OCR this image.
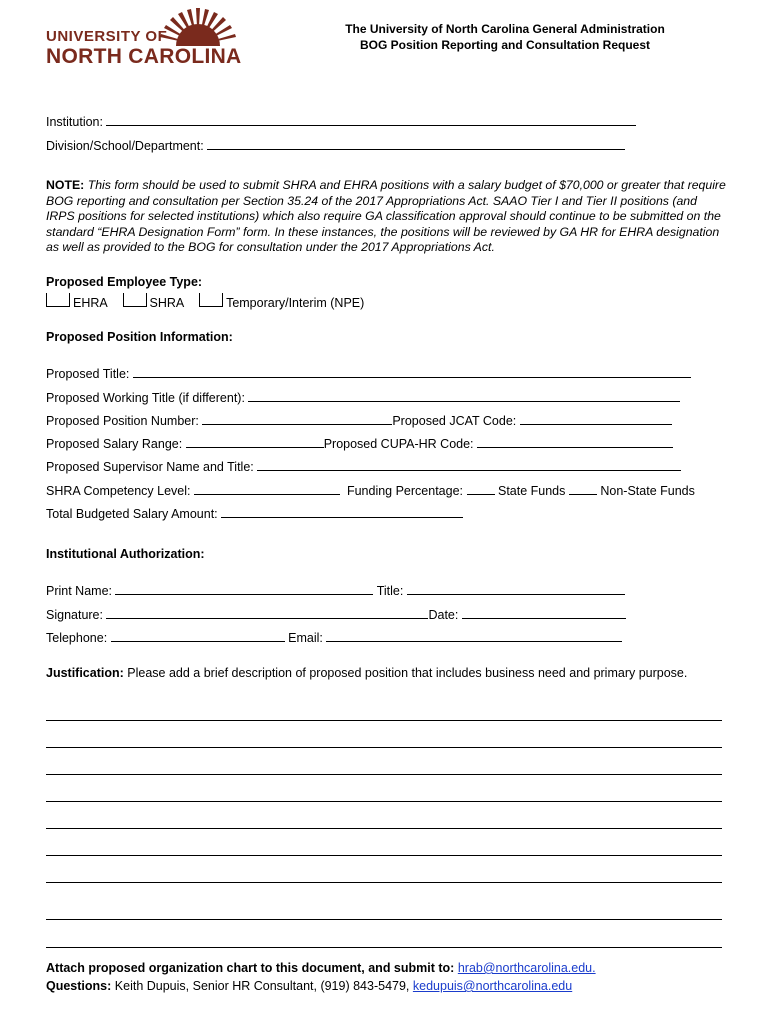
UNIVERSITY OF
NORTH CAROLINA
The University of North Carolina General Administration
BOG Position Reporting and Consultation Request
Institution:
Division/School/Department:
NOTE: This form should be used to submit SHRA and EHRA positions with a salary budget of $70,000 or greater that require BOG reporting and consultation per Section 35.24 of the 2017 Appropriations Act. SAAO Tier I and Tier II positions (and IRPS positions for selected institutions) which also require GA classification approval should continue to be submitted on the standard “EHRA Designation Form” form. In these instances, the positions will be reviewed by GA HR for EHRA designation as well as provided to the BOG for consultation under the 2017 Appropriations Act.
Proposed Employee Type:
EHRA	SHRA	Temporary/Interim (NPE)
Proposed Position Information:
Proposed Title:
Proposed Working Title (if different):
Proposed Position Number:	Proposed JCAT Code:
Proposed Salary Range:	Proposed CUPA-HR Code:
Proposed Supervisor Name and Title:
SHRA Competency Level:	Funding Percentage:	State Funds	Non-State Funds
Total Budgeted Salary Amount:
Institutional Authorization:
Print Name:	Title:
Signature:	Date:
Telephone:	Email:
Justification: Please add a brief description of proposed position that includes business need and primary purpose.
Attach proposed organization chart to this document, and submit to: hrab@northcarolina.edu.
Questions: Keith Dupuis, Senior HR Consultant, (919) 843-5479, kedupuis@northcarolina.edu
